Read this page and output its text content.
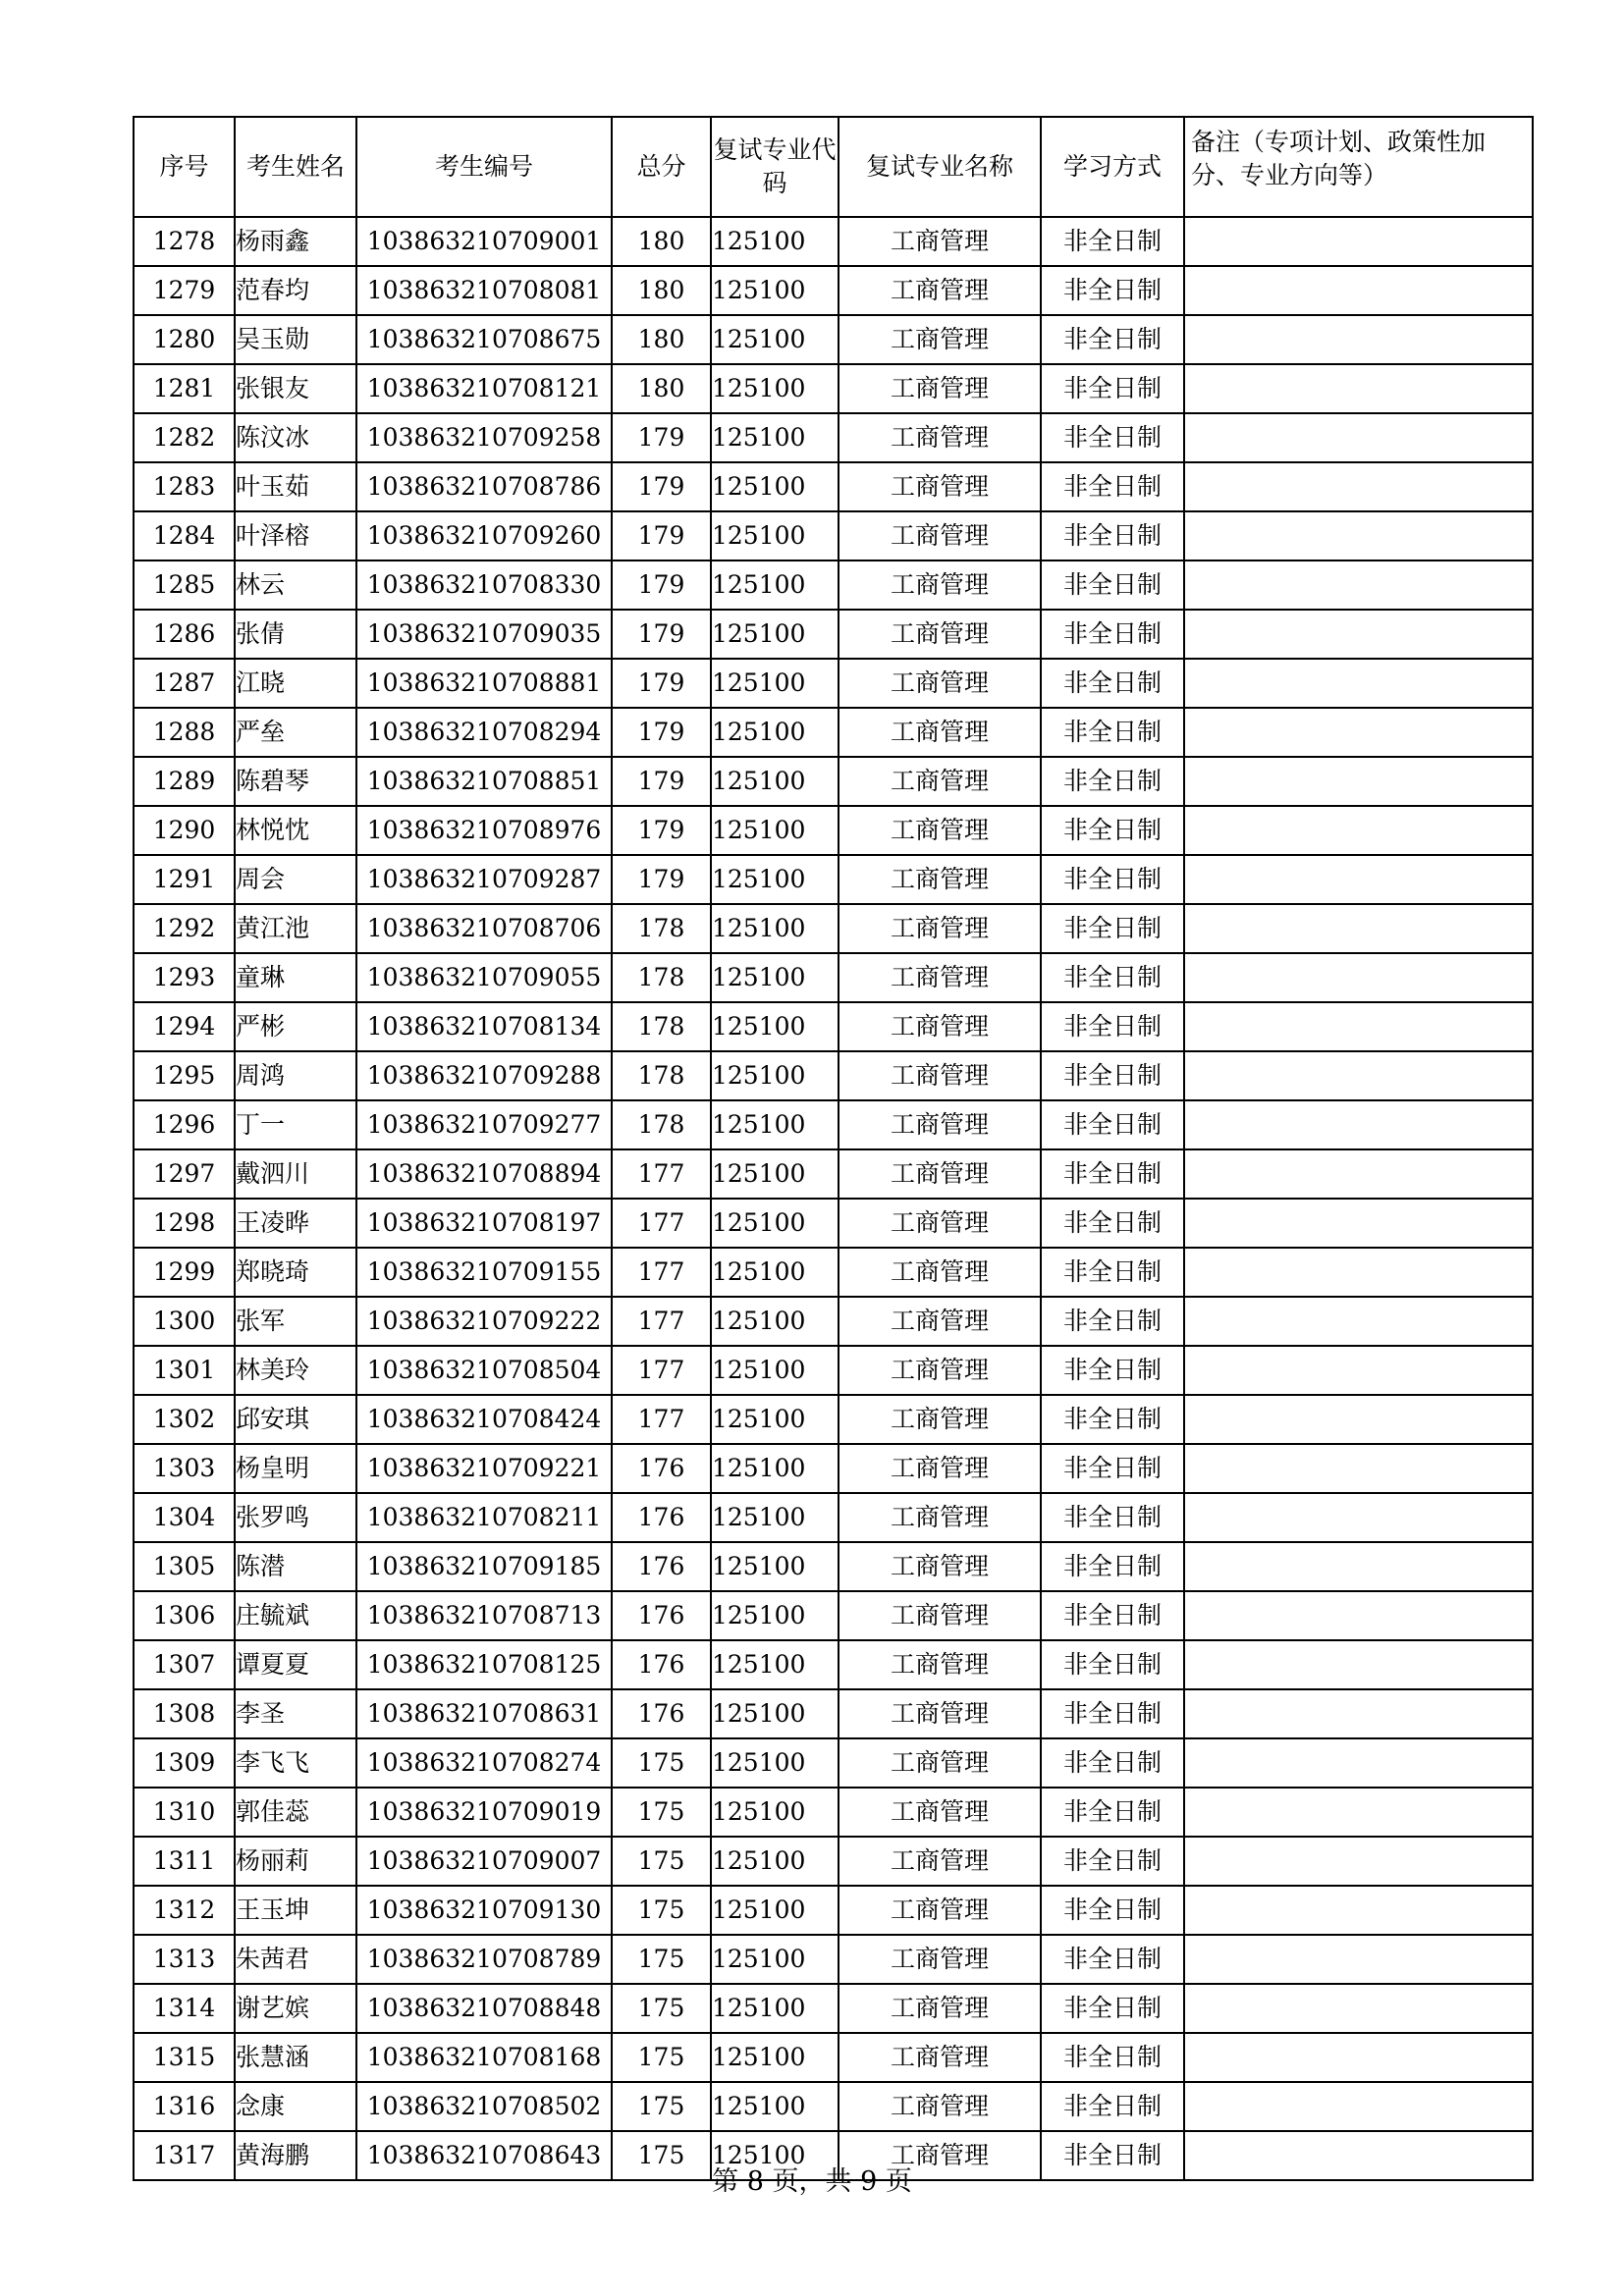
序号	考生姓名	考生编号	总分	复试专业代码	复试专业名称	学习方式	备注（专项计划、政策性加分、专业方向等）
1278	杨雨鑫	103863210709001	180	125100	工商管理	非全日制	
1279	范春均	103863210708081	180	125100	工商管理	非全日制	
1280	吴玉勋	103863210708675	180	125100	工商管理	非全日制	
1281	张银友	103863210708121	180	125100	工商管理	非全日制	
1282	陈汶冰	103863210709258	179	125100	工商管理	非全日制	
1283	叶玉茹	103863210708786	179	125100	工商管理	非全日制	
1284	叶泽榕	103863210709260	179	125100	工商管理	非全日制	
1285	林云	103863210708330	179	125100	工商管理	非全日制	
1286	张倩	103863210709035	179	125100	工商管理	非全日制	
1287	江晓	103863210708881	179	125100	工商管理	非全日制	
1288	严垒	103863210708294	179	125100	工商管理	非全日制	
1289	陈碧琴	103863210708851	179	125100	工商管理	非全日制	
1290	林悦忱	103863210708976	179	125100	工商管理	非全日制	
1291	周会	103863210709287	179	125100	工商管理	非全日制	
1292	黄江池	103863210708706	178	125100	工商管理	非全日制	
1293	童琳	103863210709055	178	125100	工商管理	非全日制	
1294	严彬	103863210708134	178	125100	工商管理	非全日制	
1295	周鸿	103863210709288	178	125100	工商管理	非全日制	
1296	丁一	103863210709277	178	125100	工商管理	非全日制	
1297	戴泗川	103863210708894	177	125100	工商管理	非全日制	
1298	王凌晔	103863210708197	177	125100	工商管理	非全日制	
1299	郑晓琦	103863210709155	177	125100	工商管理	非全日制	
1300	张军	103863210709222	177	125100	工商管理	非全日制	
1301	林美玲	103863210708504	177	125100	工商管理	非全日制	
1302	邱安琪	103863210708424	177	125100	工商管理	非全日制	
1303	杨皇明	103863210709221	176	125100	工商管理	非全日制	
1304	张罗鸣	103863210708211	176	125100	工商管理	非全日制	
1305	陈潜	103863210709185	176	125100	工商管理	非全日制	
1306	庄毓斌	103863210708713	176	125100	工商管理	非全日制	
1307	谭夏夏	103863210708125	176	125100	工商管理	非全日制	
1308	李圣	103863210708631	176	125100	工商管理	非全日制	
1309	李飞飞	103863210708274	175	125100	工商管理	非全日制	
1310	郭佳蕊	103863210709019	175	125100	工商管理	非全日制	
1311	杨丽莉	103863210709007	175	125100	工商管理	非全日制	
1312	王玉坤	103863210709130	175	125100	工商管理	非全日制	
1313	朱茜君	103863210708789	175	125100	工商管理	非全日制	
1314	谢艺嫔	103863210708848	175	125100	工商管理	非全日制	
1315	张慧涵	103863210708168	175	125100	工商管理	非全日制	
1316	念康	103863210708502	175	125100	工商管理	非全日制	
1317	黄海鹏	103863210708643	175	125100	工商管理	非全日制	
第 8 页，共 9 页
